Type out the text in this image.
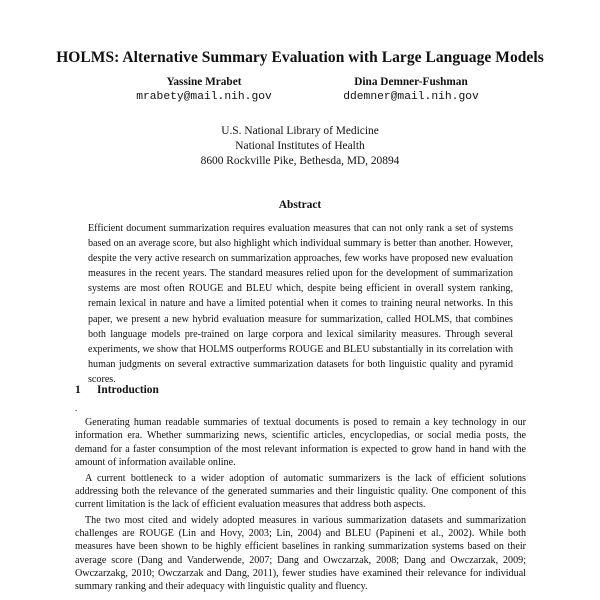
HOLMS: Alternative Summary Evaluation with Large Language Models
Yassine Mrabet
mrabety@mail.nih.gov
Dina Demner-Fushman
ddemner@mail.nih.gov
U.S. National Library of Medicine
National Institutes of Health
8600 Rockville Pike, Bethesda, MD, 20894
Abstract
Efficient document summarization requires evaluation measures that can not only rank a set of systems based on an average score, but also highlight which individual summary is better than another. However, despite the very active research on summarization approaches, few works have proposed new evaluation measures in the recent years. The standard measures relied upon for the development of summarization systems are most often ROUGE and BLEU which, despite being efficient in overall system ranking, remain lexical in nature and have a limited potential when it comes to training neural networks. In this paper, we present a new hybrid evaluation measure for summarization, called HOLMS, that combines both language models pre-trained on large corpora and lexical similarity measures. Through several experiments, we show that HOLMS outperforms ROUGE and BLEU substantially in its correlation with human judgments on several extractive summarization datasets for both linguistic quality and pyramid scores.
1 Introduction
.

Generating human readable summaries of textual documents is posed to remain a key technology in our information era. Whether summarizing news, scientific articles, encyclopedias, or social media posts, the demand for a faster consumption of the most relevant information is expected to grow hand in hand with the amount of information available online.

A current bottleneck to a wider adoption of automatic summarizers is the lack of efficient solutions addressing both the relevance of the generated summaries and their linguistic quality. One component of this current limitation is the lack of efficient evaluation measures that address both aspects.

The two most cited and widely adopted measures in various summarization datasets and summarization challenges are ROUGE (Lin and Hovy, 2003; Lin, 2004) and BLEU (Papineni et al., 2002). While both measures have been shown to be highly efficient baselines in ranking summarization systems based on their average score (Dang and Vanderwende, 2007; Dang and Owczarzak, 2008; Dang and Owczarzak, 2009; Owczarzakg, 2010; Owczarzak and Dang, 2011), fewer studies have examined their relevance for individual summary ranking and their adequacy with linguistic quality and fluency.
